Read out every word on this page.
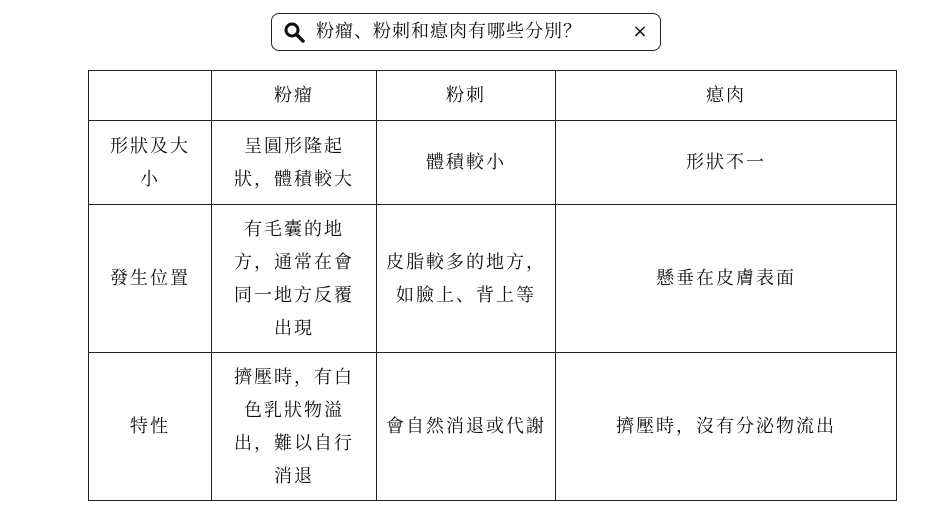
粉瘤、粉刺和瘜肉有哪些分別？	×
	粉瘤	粉刺	瘜肉
形狀及大小	呈圓形隆起狀，體積較大	體積較小	形狀不一
發生位置	有毛囊的地方，通常在會同一地方反覆出現	皮脂較多的地方，如臉上、背上等	懸垂在皮膚表面
特性	擠壓時，有白色乳狀物溢出，難以自行消退	會自然消退或代謝	擠壓時，沒有分泌物流出
